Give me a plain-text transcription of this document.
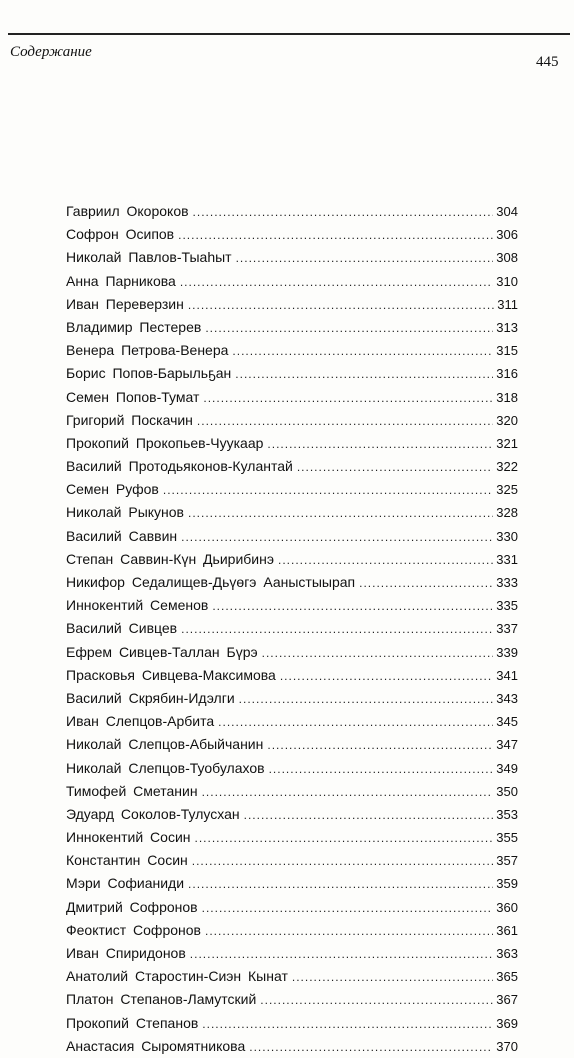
Содержание
445
Гавриил Окороков .....	304
Софрон Осипов .....	306
Николай Павлов-Тыаһыт .....	308
Анна Парникова .....	310
Иван Переверзин .....	311
Владимир Пестерев .....	313
Венера Петрова-Венера .....	315
Борис Попов-Барыльҕан .....	316
Семен Попов-Тумат .....	318
Григорий Поскачин .....	320
Прокопий Прокопьев-Чуукаар .....	321
Василий Протодьяконов-Кулантай .....	322
Семен Руфов .....	325
Николай Рыкунов .....	328
Василий Саввин .....	330
Степан Саввин-Күн Дьирибинэ .....	331
Никифор Седалищев-Дьүөгэ Ааныстыырап .....	333
Иннокентий Семенов .....	335
Василий Сивцев .....	337
Ефрем Сивцев-Таллан Бүрэ .....	339
Прасковья Сивцева-Максимова .....	341
Василий Скрябин-Идэлги .....	343
Иван Слепцов-Арбита .....	345
Николай Слепцов-Абыйчанин .....	347
Николай Слепцов-Туобулахов .....	349
Тимофей Сметанин .....	350
Эдуард Соколов-Тулусхан .....	353
Иннокентий Сосин .....	355
Константин Сосин .....	357
Мэри Софианиди .....	359
Дмитрий Софронов .....	360
Феоктист Софронов .....	361
Иван Спиридонов .....	363
Анатолий Старостин-Сиэн Кынат .....	365
Платон Степанов-Ламутский .....	367
Прокопий Степанов .....	369
Анастасия Сыромятникова .....	370
